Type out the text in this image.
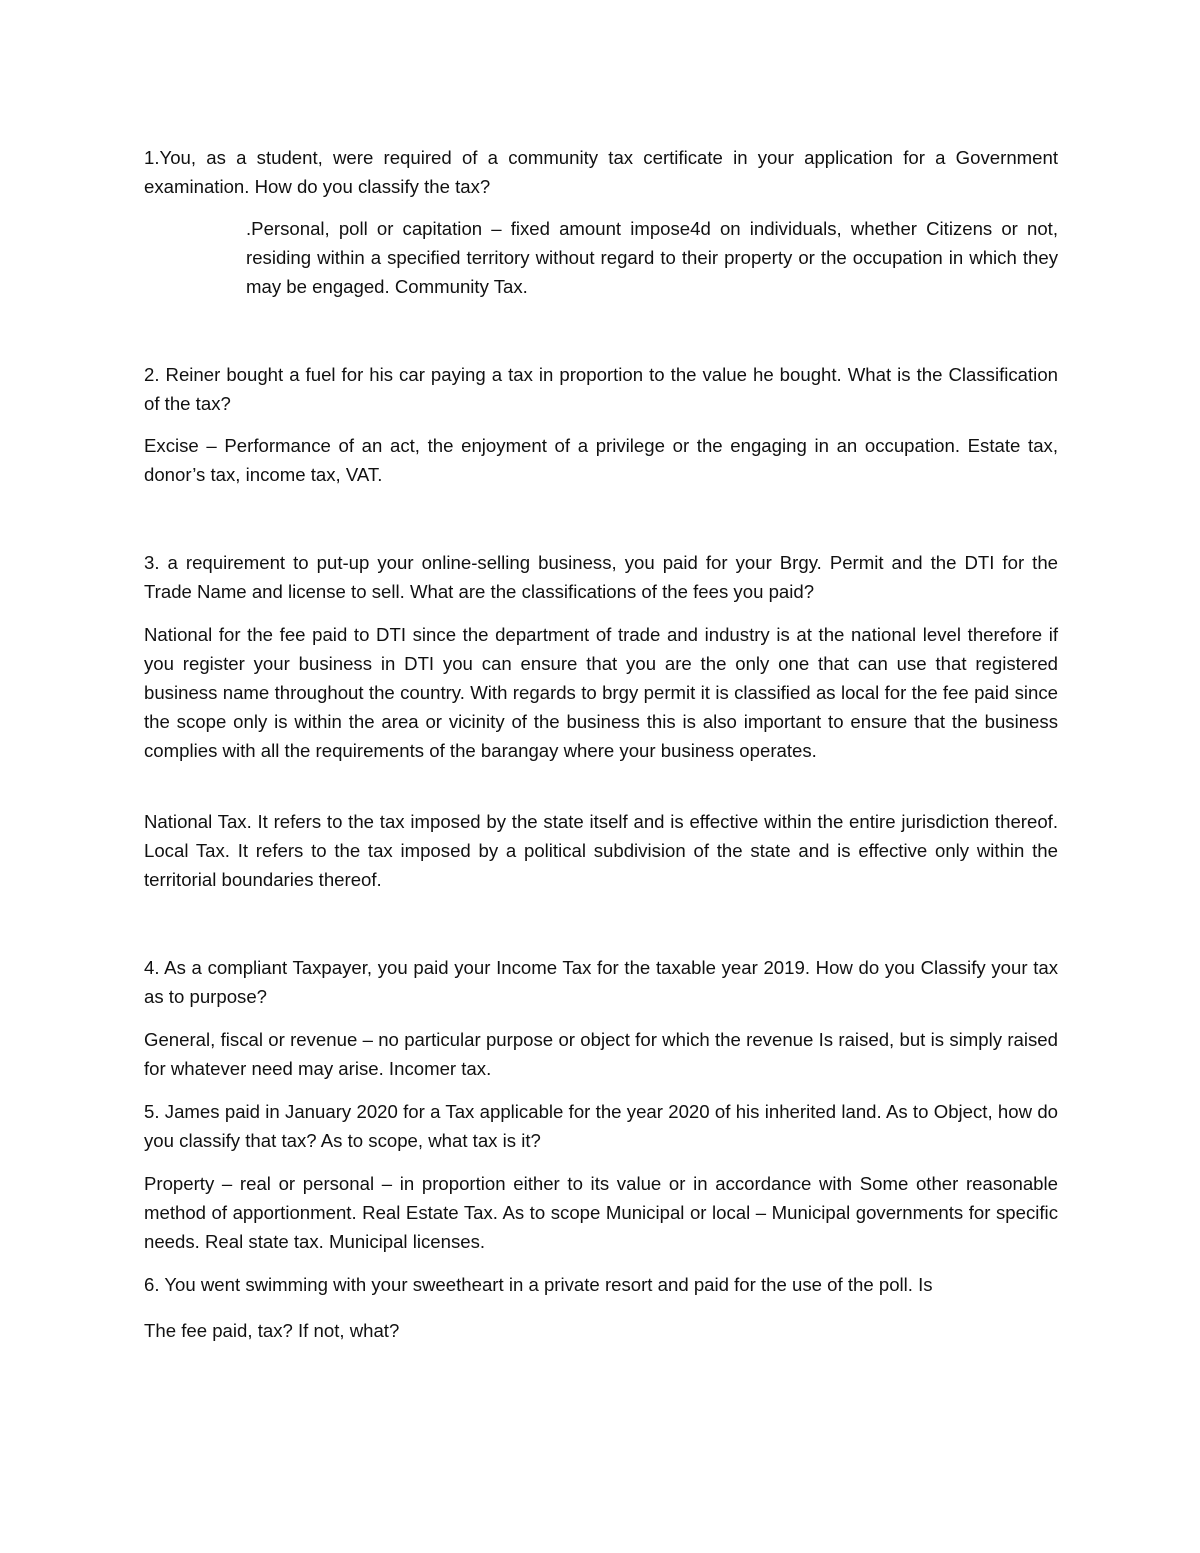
1.You, as a student, were required of a community tax certificate in your application for a Government examination. How do you classify the tax?

.Personal, poll or capitation – fixed amount impose4d on individuals, whether Citizens or not, residing within a specified territory without regard to their property or the occupation in which they may be engaged. Community Tax.

2. Reiner bought a fuel for his car paying a tax in proportion to the value he bought. What is the Classification of the tax?

Excise – Performance of an act, the enjoyment of a privilege or the engaging in an occupation. Estate tax, donor’s tax, income tax, VAT.

3. a requirement to put-up your online-selling business, you paid for your Brgy. Permit and the DTI for the Trade Name and license to sell. What are the classifications of the fees you paid?

National for the fee paid to DTI since the department of trade and industry is at the national level therefore if you register your business in DTI you can ensure that you are the only one that can use that registered business name throughout the country. With regards to brgy permit it is classified as local for the fee paid since the scope only is within the area or vicinity of the business this is also important to ensure that the business complies with all the requirements of the barangay where your business operates.

National Tax. It refers to the tax imposed by the state itself and is effective within the entire jurisdiction thereof. Local Tax. It refers to the tax imposed by a political subdivision of the state and is effective only within the territorial boundaries thereof.

4. As a compliant Taxpayer, you paid your Income Tax for the taxable year 2019. How do you Classify your tax as to purpose?

General, fiscal or revenue – no particular purpose or object for which the revenue Is raised, but is simply raised for whatever need may arise. Incomer tax.

5. James paid in January 2020 for a Tax applicable for the year 2020 of his inherited land. As to Object, how do you classify that tax? As to scope, what tax is it?

Property – real or personal – in proportion either to its value or in accordance with Some other reasonable method of apportionment. Real Estate Tax. As to scope Municipal or local – Municipal governments for specific needs. Real state tax. Municipal licenses.

6. You went swimming with your sweetheart in a private resort and paid for the use of the poll. Is

The fee paid, tax? If not, what?
